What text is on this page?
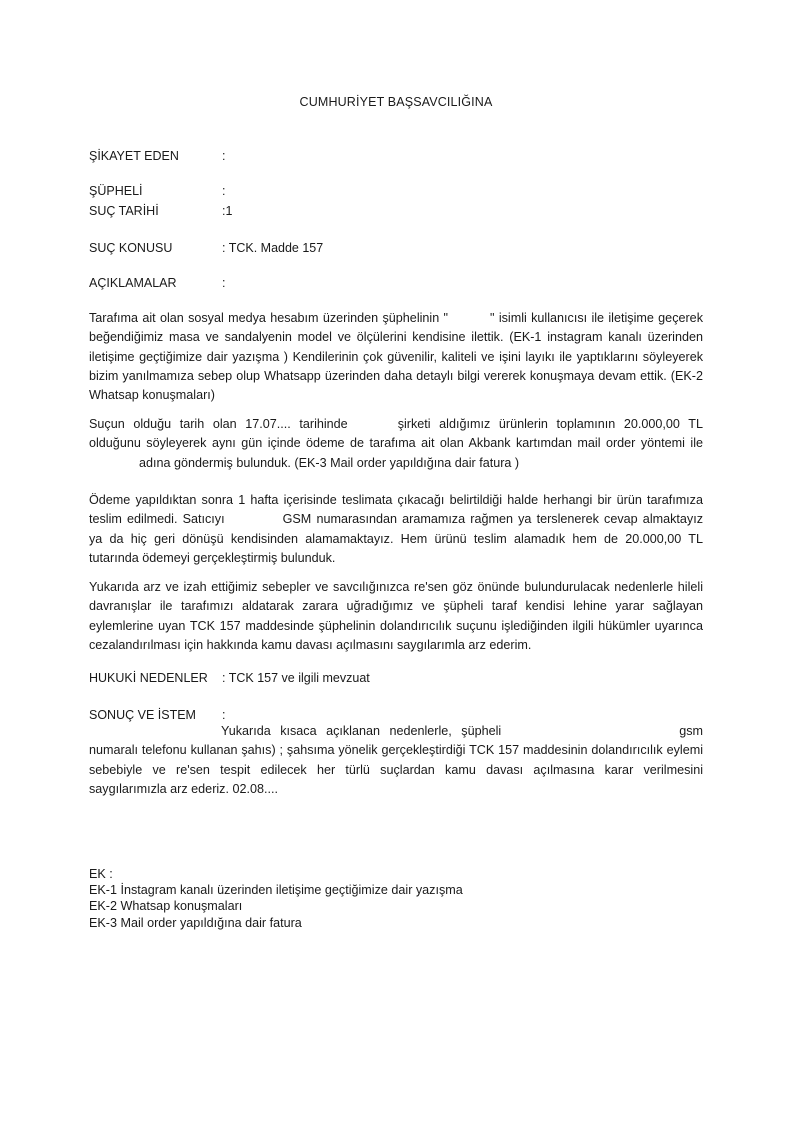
CUMHURİYET BAŞSAVCILIĞINA
ŞİKAYET EDEN	:
ŞÜPHELİ	:
SUÇ TARİHİ	:1
SUÇ KONUSU	: TCK. Madde 157
AÇIKLAMALAR	:

Tarafıma ait olan sosyal medya hesabım üzerinden şüphelinin "	" isimli kullanıcısı ile iletişime geçerek beğendiğimiz masa ve sandalyenin model ve ölçülerini kendisine ilettik. (EK-1 instagram kanalı üzerinden iletişime geçtiğimize dair yazışma ) Kendilerinin çok güvenilir, kaliteli ve işini layıkı ile yaptıklarını söyleyerek bizim yanılmamıza sebep olup Whatsapp üzerinden daha detaylı bilgi vererek konuşmaya devam ettik. (EK-2 Whatsap konuşmaları)

Suçun olduğu tarih olan 17.07.... tarihinde	şirketi aldığımız ürünlerin toplamının 20.000,00 TL olduğunu söyleyerek aynı gün içinde ödeme de tarafıma ait olan Akbank kartımdan mail order yöntemi ileadına göndermiş bulunduk. (EK-3 Mail order yapıldığına dair fatura )

Ödeme yapıldıktan sonra 1 hafta içerisinde teslimata çıkacağı belirtildiği halde herhangi bir ürün tarafımıza teslim edilmedi. Satıcıyı	GSM numarasından aramamıza rağmen ya terslenerek cevap almaktayız ya da hiç geri dönüşü kendisinden alamamaktayız. Hem ürünü teslim alamadık hem de 20.000,00 TL tutarında ödemeyi gerçekleştirmiş bulunduk.

Yukarıda arz ve izah ettiğimiz sebepler ve savcılığınızca re'sen göz önünde bulundurulacak nedenlerle hileli davranışlar ile tarafımızı aldatarak zarara uğradığımız ve şüpheli taraf kendisi lehine yarar sağlayan eylemlerine uyan TCK 157 maddesinde şüphelinin dolandırıcılık suçunu işlediğinden ilgili hükümler uyarınca cezalandırılması için hakkında kamu davası açılmasını saygılarımla arz ederim.

HUKUKİ NEDENLER : TCK 157 ve ilgili mevzuat
SONUÇ VE İSTEM :

Yukarıda kısaca açıklanan nedenlerle, şüpheli	gsm numaralı telefonu kullanan şahıs) ; şahsıma yönelik gerçekleştirdiği TCK 157 maddesinin dolandırıcılık eylemi sebebiyle ve re'sen tespit edilecek her türlü suçlardan kamu davası açılmasına karar verilmesini saygılarımızla arz ederiz. 02.08....

EK :
EK-1 İnstagram kanalı üzerinden iletişime geçtiğimize dair yazışma
EK-2 Whatsap konuşmaları
EK-3 Mail order yapıldığına dair fatura
